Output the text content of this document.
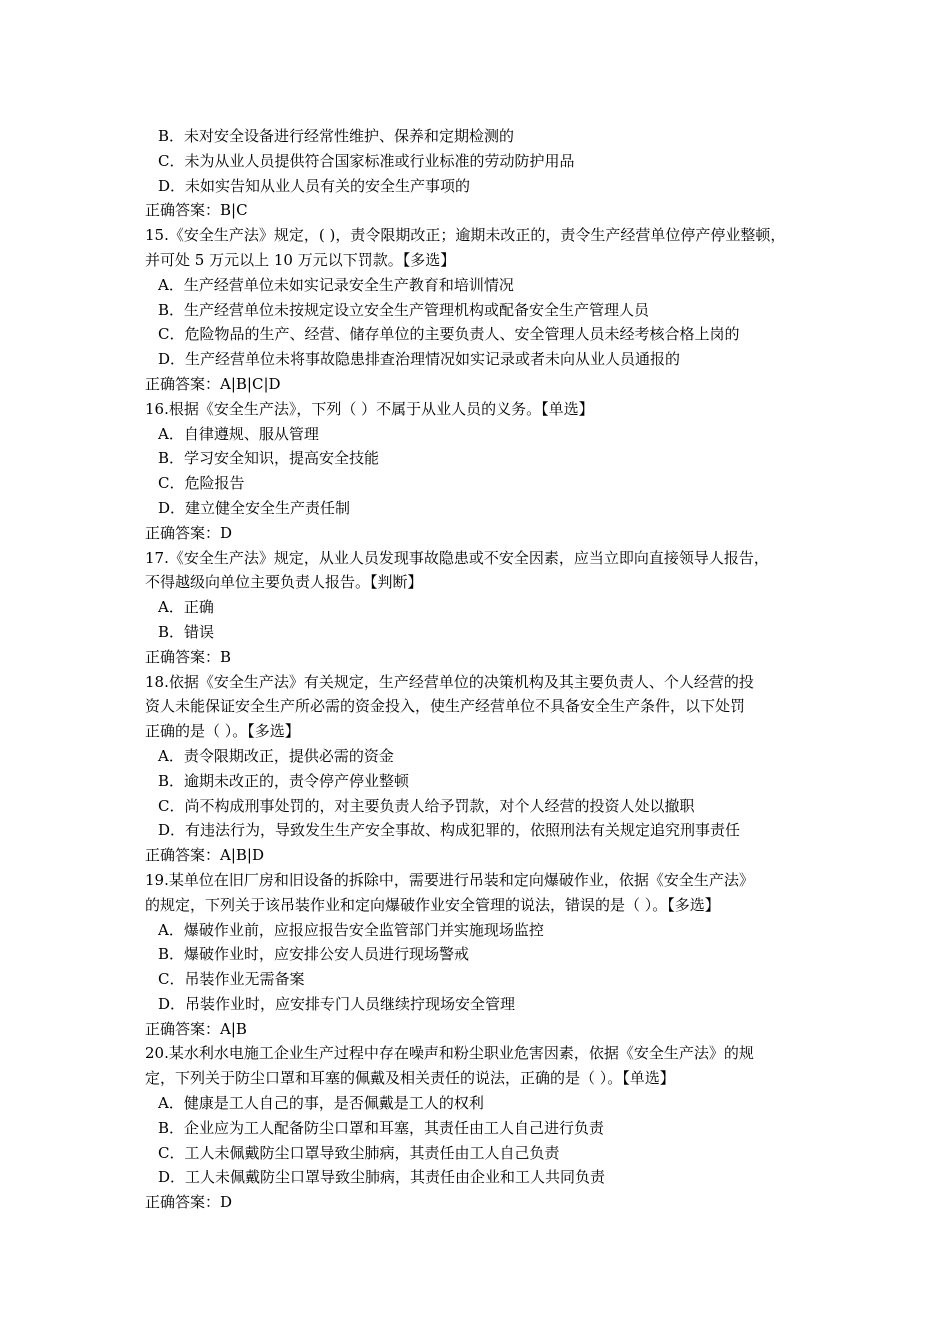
B．未对安全设备进行经常性维护、保养和定期检测的
C．未为从业人员提供符合国家标准或行业标准的劳动防护用品
D．未如实告知从业人员有关的安全生产事项的
正确答案：B|C
15.《安全生产法》规定，( )，责令限期改正；逾期未改正的，责令生产经营单位停产停业整顿，
并可处 5 万元以上 10 万元以下罚款。【多选】
A．生产经营单位未如实记录安全生产教育和培训情况
B．生产经营单位未按规定设立安全生产管理机构或配备安全生产管理人员
C．危险物品的生产、经营、储存单位的主要负责人、安全管理人员未经考核合格上岗的
D．生产经营单位未将事故隐患排查治理情况如实记录或者未向从业人员通报的
正确答案：A|B|C|D
16.根据《安全生产法》，下列（ ）不属于从业人员的义务。【单选】
A．自律遵规、服从管理
B．学习安全知识，提高安全技能
C．危险报告
D．建立健全安全生产责任制
正确答案：D
17.《安全生产法》规定，从业人员发现事故隐患或不安全因素，应当立即向直接领导人报告，
不得越级向单位主要负责人报告。【判断】
A．正确
B．错误
正确答案：B
18.依据《安全生产法》有关规定，生产经营单位的决策机构及其主要负责人、个人经营的投
资人未能保证安全生产所必需的资金投入，使生产经营单位不具备安全生产条件，以下处罚
正确的是（ ）。【多选】
A．责令限期改正，提供必需的资金
B．逾期未改正的，责令停产停业整顿
C．尚不构成刑事处罚的，对主要负责人给予罚款，对个人经营的投资人处以撤职
D．有违法行为，导致发生生产安全事故、构成犯罪的，依照刑法有关规定追究刑事责任
正确答案：A|B|D
19.某单位在旧厂房和旧设备的拆除中，需要进行吊装和定向爆破作业，依据《安全生产法》
的规定，下列关于该吊装作业和定向爆破作业安全管理的说法，错误的是（ ）。【多选】
A．爆破作业前，应报应报告安全监管部门并实施现场监控
B．爆破作业时，应安排公安人员进行现场警戒
C．吊装作业无需备案
D．吊装作业时，应安排专门人员继续拧现场安全管理
正确答案：A|B
20.某水利水电施工企业生产过程中存在噪声和粉尘职业危害因素，依据《安全生产法》的规
定，下列关于防尘口罩和耳塞的佩戴及相关责任的说法，正确的是（ ）。【单选】
A．健康是工人自己的事，是否佩戴是工人的权利
B．企业应为工人配备防尘口罩和耳塞，其责任由工人自己进行负责
C．工人未佩戴防尘口罩导致尘肺病，其责任由工人自己负责
D．工人未佩戴防尘口罩导致尘肺病，其责任由企业和工人共同负责
正确答案：D
